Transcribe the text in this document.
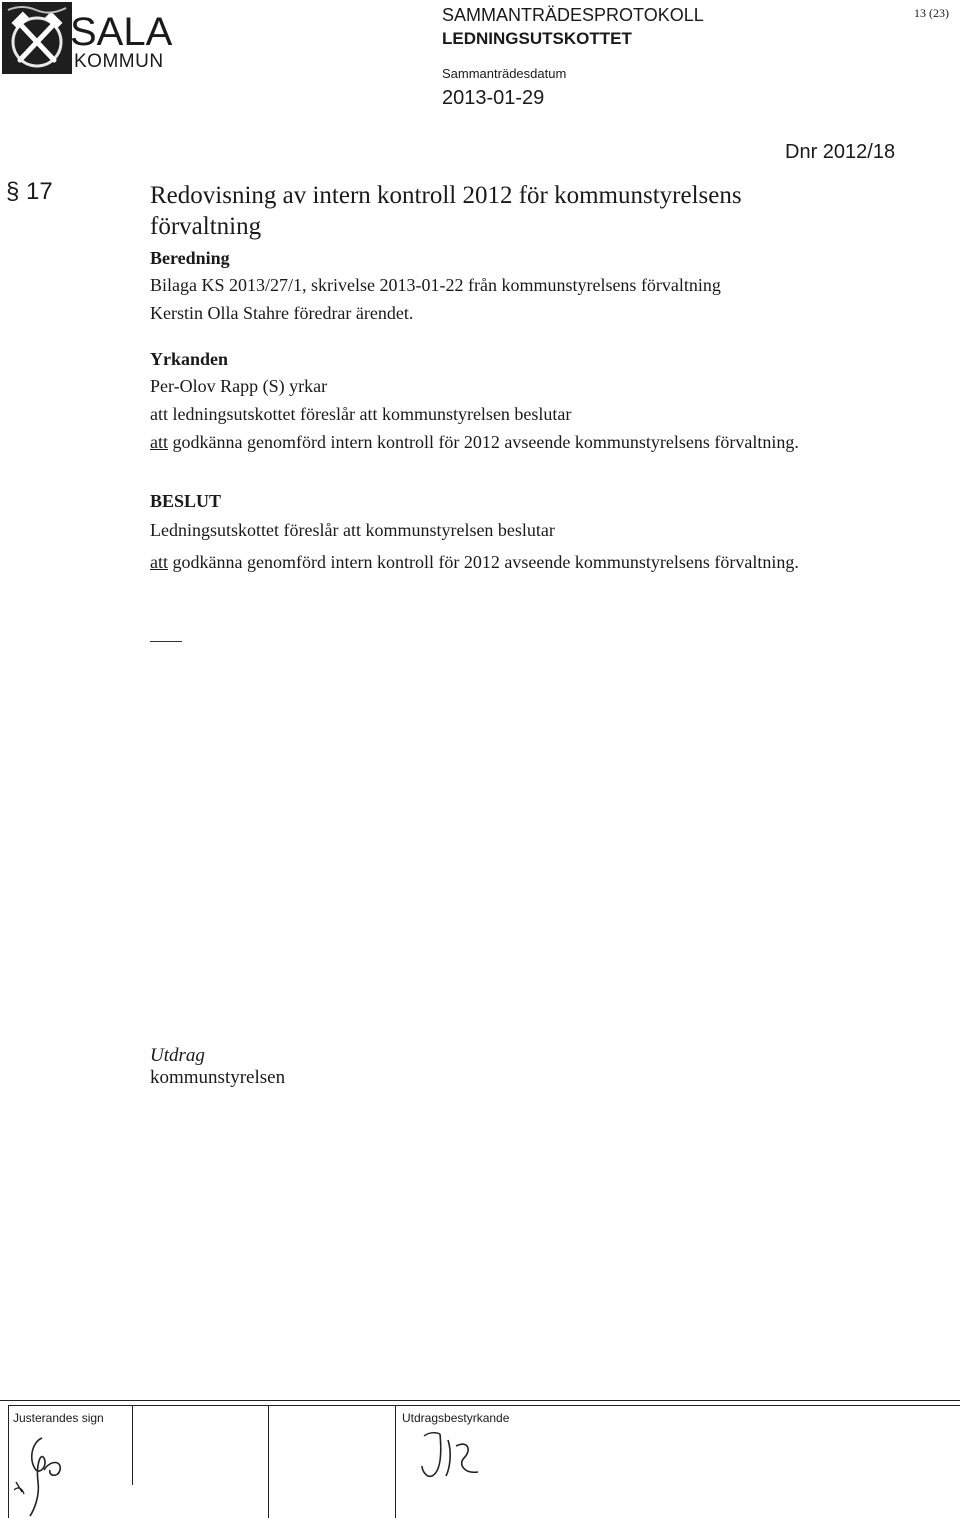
SALA
KOMMUN
SAMMANTRÄDESPROTOKOLL
LEDNINGSUTSKOTTET
Sammanträdesdatum
2013-01-29
13 (23)
Dnr 2012/18
§ 17	Redovisning av intern kontroll 2012 för kommunstyrelsens förvaltning
Beredning
Bilaga KS 2013/27/1, skrivelse 2013-01-22 från kommunstyrelsens förvaltning
Kerstin Olla Stahre föredrar ärendet.
Yrkanden
Per-Olov Rapp (S) yrkar
att ledningsutskottet föreslår att kommunstyrelsen beslutar
att godkänna genomförd intern kontroll för 2012 avseende kommunstyrelsens förvaltning.
BESLUT
Ledningsutskottet föreslår att kommunstyrelsen beslutar
att godkänna genomförd intern kontroll för 2012 avseende kommunstyrelsens förvaltning.
Utdrag
kommunstyrelsen
Justerandes sign	Utdragsbestyrkande
